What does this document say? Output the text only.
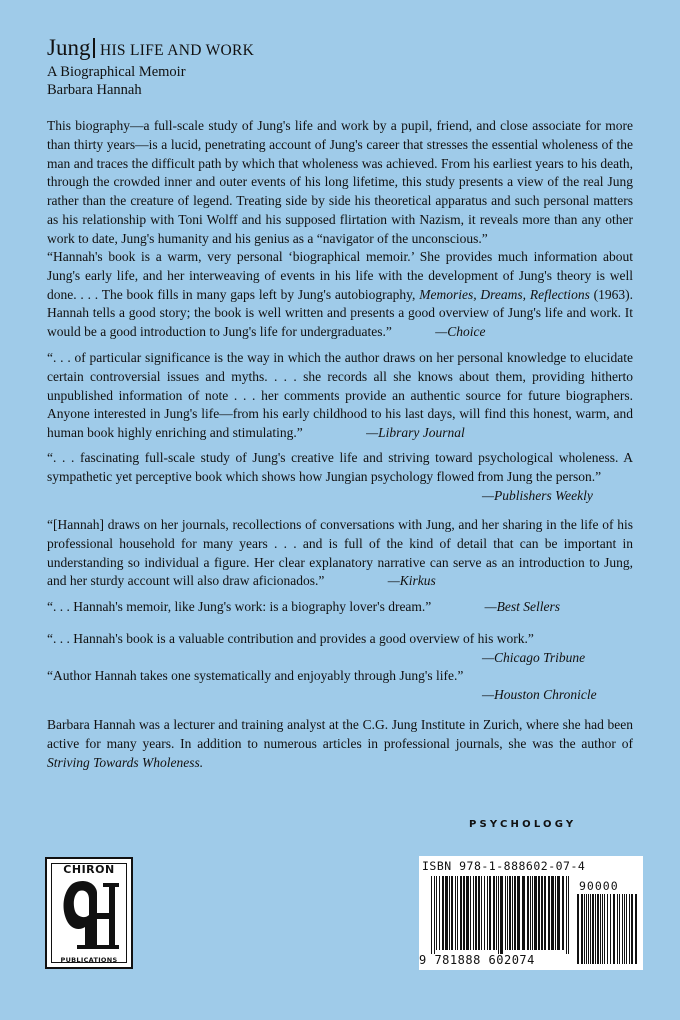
Jung HIS LIFE AND WORK
A Biographical Memoir
Barbara Hannah

This biography—a full-scale study of Jung's life and work by a pupil, friend, and close associate for more than thirty years—is a lucid, penetrating account of Jung's career that stresses the essential wholeness of the man and traces the difficult path by which that wholeness was achieved. From his earliest years to his death, through the crowded inner and outer events of his long lifetime, this study presents a view of the real Jung rather than the creature of legend. Treating side by side his theoretical apparatus and such personal matters as his relationship with Toni Wolff and his supposed flirtation with Nazism, it reveals more than any other work to date, Jung's humanity and his genius as a “navigator of the unconscious.”

“Hannah's book is a warm, very personal ‘biographical memoir.’ She provides much information about Jung's early life, and her interweaving of events in his life with the development of Jung's theory is well done. . . . The book fills in many gaps left by Jung's autobiography, Memories, Dreams, Reflections (1963). Hannah tells a good story; the book is well written and presents a good overview of Jung's life and work. It would be a good introduction to Jung's life for undergraduates.”	—Choice

“. . . of particular significance is the way in which the author draws on her personal knowledge to elucidate certain controversial issues and myths. . . . she records all she knows about them, providing hitherto unpublished information of note . . . her comments provide an authentic source for future biographers. Anyone interested in Jung's life—from his early childhood to his last days, will find this honest, warm, and human book highly enriching and stimulating.”	—Library Journal

“. . . fascinating full-scale study of Jung's creative life and striving toward psychological wholeness. A sympathetic yet perceptive book which shows how Jungian psychology flowed from Jung the person.”
—Publishers Weekly

“[Hannah] draws on her journals, recollections of conversations with Jung, and her sharing in the life of his professional household for many years . . . and is full of the kind of detail that can be important in understanding so individual a figure. Her clear explanatory narrative can serve as an introduction to Jung, and her sturdy account will also draw aficionados.”	—Kirkus

“. . . Hannah's memoir, like Jung's work: is a biography lover's dream.”	—Best Sellers

“. . . Hannah's book is a valuable contribution and provides a good overview of his work.”
—Chicago Tribune

“Author Hannah takes one systematically and enjoyably through Jung's life.”
—Houston Chronicle

Barbara Hannah was a lecturer and training analyst at the C.G. Jung Institute in Zurich, where she had been active for many years. In addition to numerous articles in professional journals, she was the author of Striving Towards Wholeness.

PSYCHOLOGY
CHIRON
PUBLICATIONS
ISBN 978-1-888602-07-4
90000
9 781888 602074
